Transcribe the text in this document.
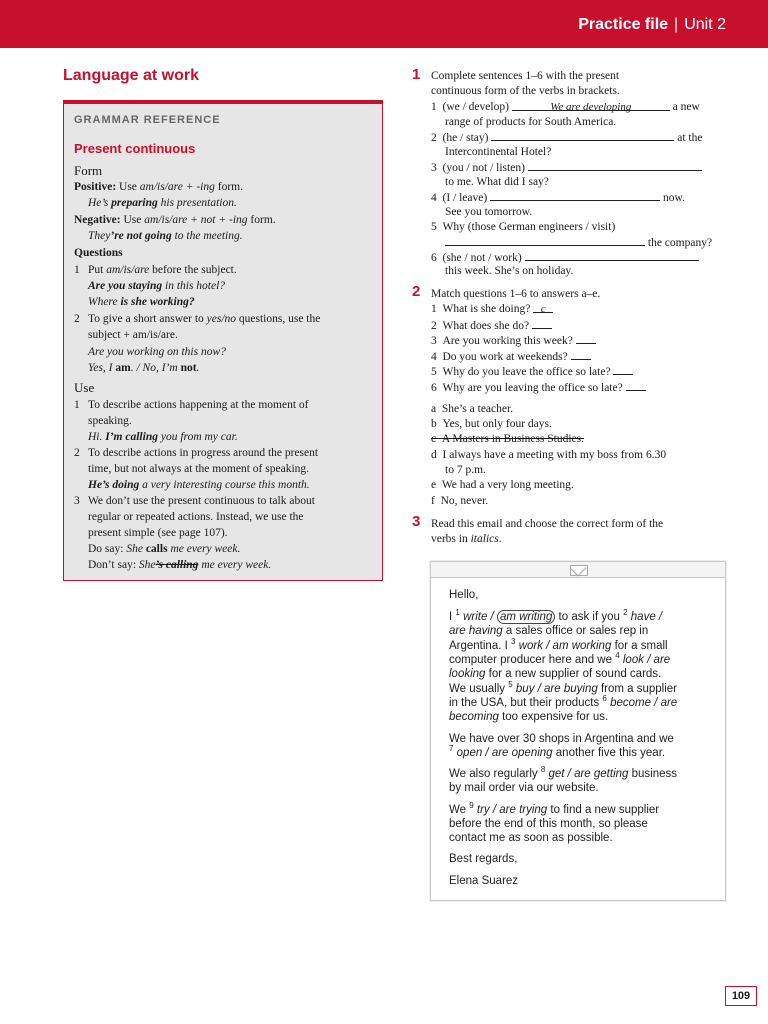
Practice file | Unit 2
Language at work
GRAMMAR REFERENCE
Present continuous
Form
Positive: Use am/is/are + -ing form.
He’s preparing his presentation.
Negative: Use am/is/are + not + -ing form.
They’re not going to the meeting.
Questions
1 Put am/is/are before the subject.
Are you staying in this hotel?
Where is she working?
2 To give a short answer to yes/no questions, use the
subject + am/is/are.
Are you working on this now?
Yes, I am. / No, I’m not.
Use
1 To describe actions happening at the moment of
speaking.
Hi. I’m calling you from my car.
2 To describe actions in progress around the present
time, but not always at the moment of speaking.
He’s doing a very interesting course this month.
3 We don’t use the present continuous to talk about
regular or repeated actions. Instead, we use the
present simple (see page 107).
Do say: She calls me every week.
Don’t say: She’s calling me every week.
1 Complete sentences 1–6 with the present
continuous form of the verbs in brackets.
1 (we / develop)	We are developing	a new
range of products for South America.
2 (he / stay)	at the
Intercontinental Hotel?
3 (you / not / listen)
to me. What did I say?
4 (I / leave)	now.
See you tomorrow.
5 Why (those German engineers / visit)
the company?
6 (she / not / work)
this week. She’s on holiday.
2 Match questions 1–6 to answers a–e.
1 What is she doing? c
2 What does she do?
3 Are you working this week?
4 Do you work at weekends?
5 Why do you leave the office so late?
6 Why are you leaving the office so late?
a She’s a teacher.
b Yes, but only four days.
c A Masters in Business Studies.
d I always have a meeting with my boss from 6.30
to 7 p.m.
e We had a very long meeting.
f No, never.
3 Read this email and choose the correct form of the
verbs in italics.
Hello,
I $^1$ write / am writing to ask if you $^2$ have /
are having a sales office or sales rep in
Argentina. I $^3$ work / am working for a small
computer producer here and we $^4$ look / are
looking for a new supplier of sound cards.
We usually $^5$ buy / are buying from a supplier
in the USA, but their products $^6$ become / are
becoming too expensive for us.
We have over 30 shops in Argentina and we
$^7$ open / are opening another five this year.
We also regularly $^8$ get / are getting business
by mail order via our website.
We $^9$ try / are trying to find a new supplier
before the end of this month, so please
contact me as soon as possible.
Best regards,
Elena Suarez
109
